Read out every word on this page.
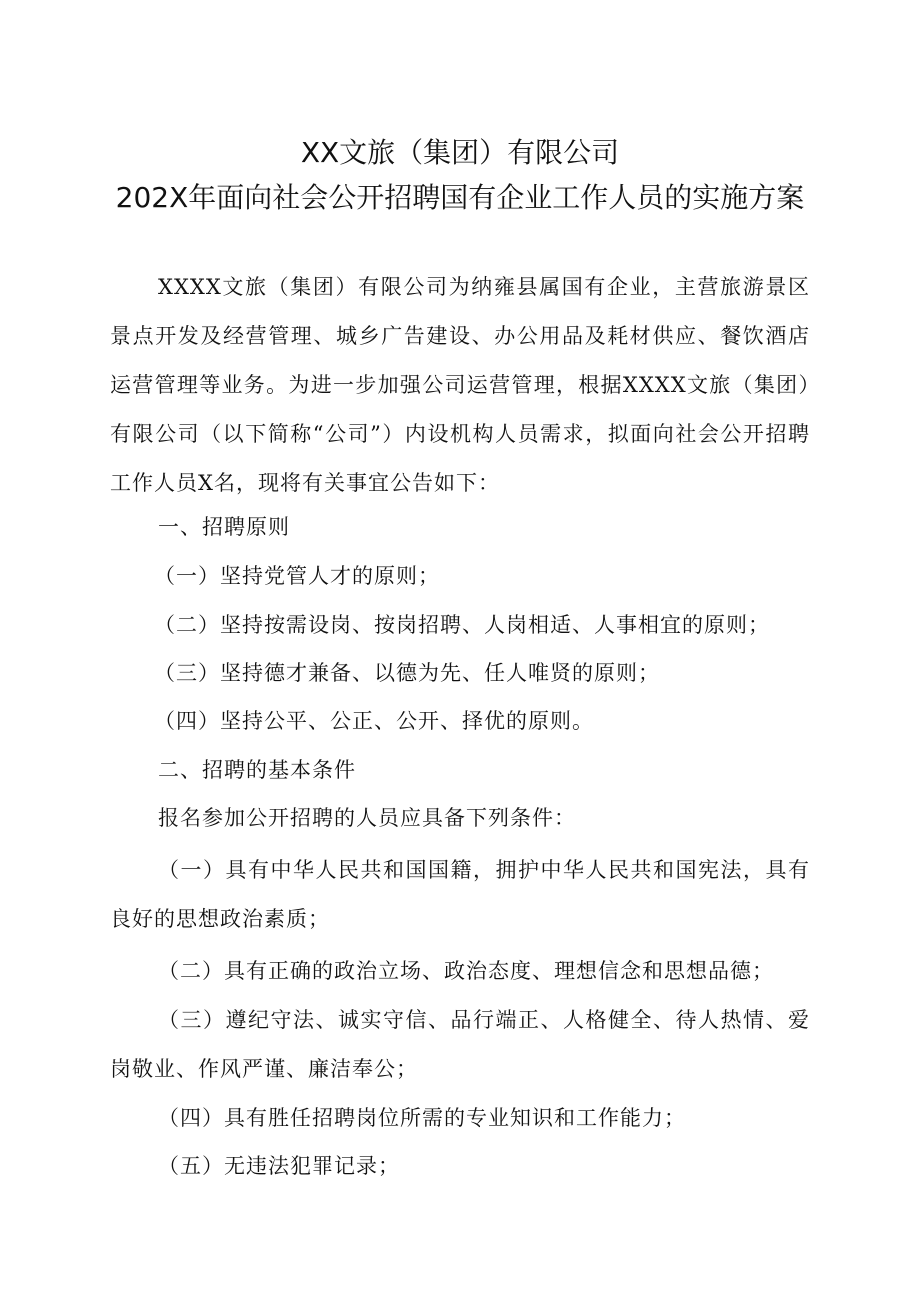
XX文旅（集团）有限公司
202X年面向社会公开招聘国有企业工作人员的实施方案
XXXX文旅（集团）有限公司为纳雍县属国有企业，主营旅游景区景点开发及经营管理、城乡广告建设、办公用品及耗材供应、餐饮酒店运营管理等业务。为进一步加强公司运营管理，根据XXXX文旅（集团）有限公司（以下简称“公司”）内设机构人员需求，拟面向社会公开招聘工作人员X名，现将有关事宜公告如下：
一、招聘原则
（一）坚持党管人才的原则；
（二）坚持按需设岗、按岗招聘、人岗相适、人事相宜的原则；
（三）坚持德才兼备、以德为先、任人唯贤的原则；
（四）坚持公平、公正、公开、择优的原则。
二、招聘的基本条件
报名参加公开招聘的人员应具备下列条件：
（一）具有中华人民共和国国籍，拥护中华人民共和国宪法，具有良好的思想政治素质；
（二）具有正确的政治立场、政治态度、理想信念和思想品德；
（三）遵纪守法、诚实守信、品行端正、人格健全、待人热情、爱岗敬业、作风严谨、廉洁奉公；
（四）具有胜任招聘岗位所需的专业知识和工作能力；
（五）无违法犯罪记录；
